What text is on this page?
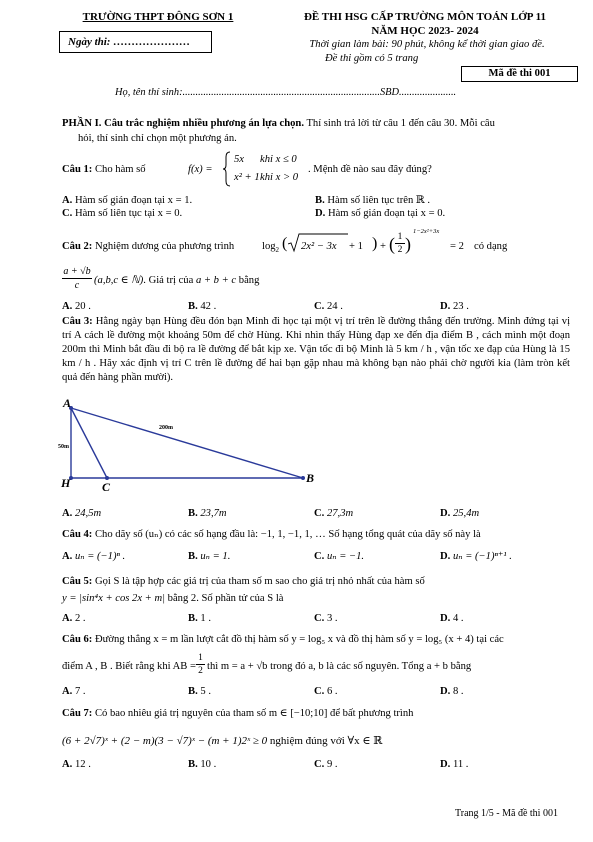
TRƯỜNG THPT ĐÔNG SƠN 1	ĐỀ THI HSG CẤP TRƯỜNG MÔN TOÁN LỚP 11
NĂM HỌC 2023- 2024
Ngày thi: …………………	Thời gian làm bài: 90 phút, không kể thời gian giao đề.
Đề thi gồm có 5 trang
Mã đề thi 001
Họ, tên thí sinh:............................................................................SBD......................
PHẦN I. Câu trắc nghiệm nhiều phương án lựa chọn. Thí sinh trả lời từ câu 1 đến câu 30. Mỗi câu
hỏi, thí sinh chỉ chọn một phương án.
Câu 1: Cho hàm số	f(x) =
5x khi x ≤ 0
x² + 1 khi x > 0
. Mệnh đề nào sau đây đúng?
A. Hàm số gián đoạn tại x = 1.	B. Hàm số liên tục trên ℝ .
C. Hàm số liên tục tại x = 0.	D. Hàm số gián đoạn tại x = 0.
Câu 2: Nghiệm dương của phương trình	$\log_2$ ( 2x² − 3x + 1 ) + ( 1
2 )
1−2x²+3x
= 2 có dạng
a + √b
c	(a,b,c ∈ ℕ). Giá trị của a + b + c bằng
A. 20 .	B. 42 .	C. 24 .	D. 23 .
Câu 3: Hằng ngày bạn Hùng đều đón bạn Minh đi học tại một vị trí trên lề đường thẳng đến trường. Minh đứng tại vị trí A cách lề đường một khoảng 50m để chờ Hùng. Khi nhìn thấy Hùng đạp xe đến địa điểm B , cách mình một đoạn 200m thì Minh bắt đầu đi bộ ra lề đường để bắt kịp xe. Vận tốc đi bộ Minh là 5 km / h , vận tốc xe đạp của Hùng là 15 km / h . Hãy xác định vị trí C trên lề đường để hai bạn gặp nhau mà không bạn nào phải chờ người kia (làm tròn kết quả đến hàng phần mười).
A
H	C
B
200m
50m
A. 24,5m	B. 23,7m	C. 27,3m	D. 25,4m
Câu 4: Cho dãy số (uₙ) có các số hạng đầu là: −1, 1, −1, 1, … Số hạng tổng quát của dãy số này là
A. uₙ = (−1)ⁿ .	B. uₙ = 1.	C. uₙ = −1.	D. uₙ = (−1)ⁿ⁺¹ .
Câu 5: Gọi S là tập hợp các giá trị của tham số m sao cho giá trị nhỏ nhất của hàm số
y = |sin⁴x + cos 2x + m| bằng 2. Số phần tử của S là
A. 2 .	B. 1 .	C. 3 .	D. 4 .
Câu 6: Đường thẳng x = m lần lượt cắt đồ thị hàm số y = log₅ x và đồ thị hàm số y = log₅ (x + 4) tại các
điểm A , B . Biết rằng khi AB =
1
2 thì m = a + √b trong đó a, b là các số nguyên. Tổng a + b bằng
A. 7 .	B. 5 .	C. 6 .	D. 8 .
Câu 7: Có bao nhiêu giá trị nguyên của tham số m ∈ [−10;10] để bất phương trình
(6 + 2√7)ˣ + (2 − m)(3 − √7)ˣ − (m + 1)2ˣ ≥ 0 nghiệm đúng với ∀x ∈ ℝ
A. 12 .	B. 10 .	C. 9 .	D. 11 .
Trang 1/5 - Mã đề thi 001
